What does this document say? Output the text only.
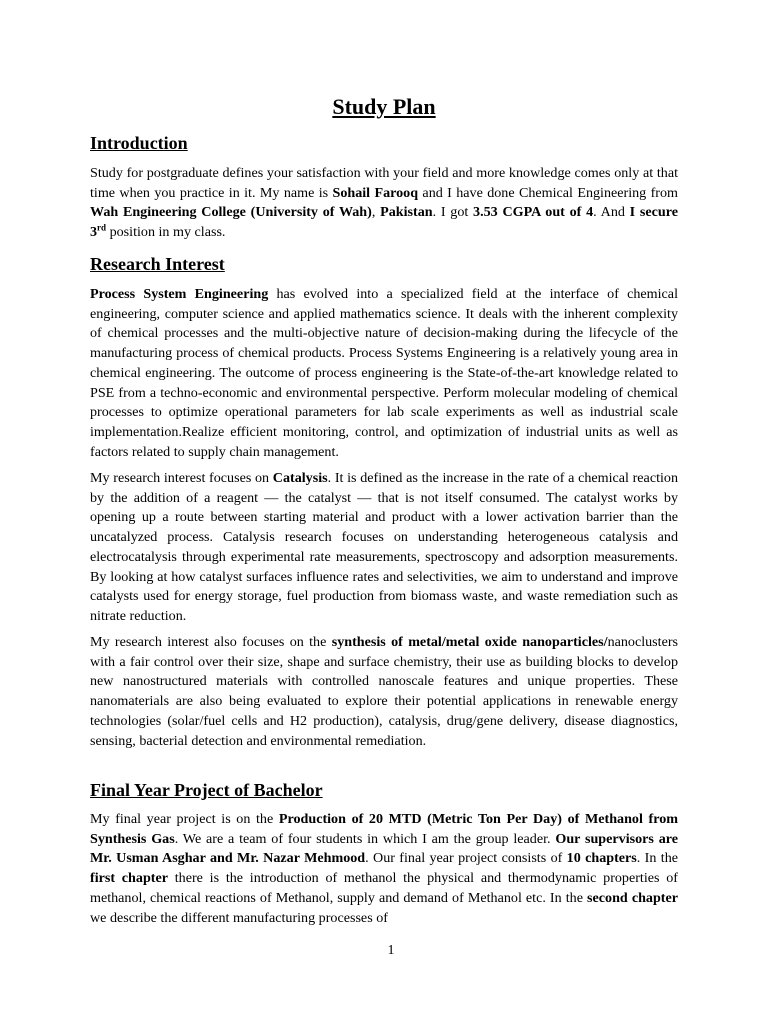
Study Plan
Introduction

Study for postgraduate defines your satisfaction with your field and more knowledge comes only at that time when you practice in it. My name is Sohail Farooq and I have done Chemical Engineering from Wah Engineering College (University of Wah), Pakistan. I got 3.53 CGPA out of 4. And I secure 3rd position in my class.

Research Interest

Process System Engineering has evolved into a specialized field at the interface of chemical engineering, computer science and applied mathematics science. It deals with the inherent complexity of chemical processes and the multi-objective nature of decision-making during the lifecycle of the manufacturing process of chemical products. Process Systems Engineering is a relatively young area in chemical engineering. The outcome of process engineering is the State-of-the-art knowledge related to PSE from a techno-economic and environmental perspective. Perform molecular modeling of chemical processes to optimize operational parameters for lab scale experiments as well as industrial scale implementation.Realize efficient monitoring, control, and optimization of industrial units as well as factors related to supply chain management.

My research interest focuses on Catalysis. It is defined as the increase in the rate of a chemical reaction by the addition of a reagent — the catalyst — that is not itself consumed. The catalyst works by opening up a route between starting material and product with a lower activation barrier than the uncatalyzed process. Catalysis research focuses on understanding heterogeneous catalysis and electrocatalysis through experimental rate measurements, spectroscopy and adsorption measurements. By looking at how catalyst surfaces influence rates and selectivities, we aim to understand and improve catalysts used for energy storage, fuel production from biomass waste, and waste remediation such as nitrate reduction.

My research interest also focuses on the synthesis of metal/metal oxide nanoparticles/nanoclusters with a fair control over their size, shape and surface chemistry, their use as building blocks to develop new nanostructured materials with controlled nanoscale features and unique properties. These nanomaterials are also being evaluated to explore their potential applications in renewable energy technologies (solar/fuel cells and H2 production), catalysis, drug/gene delivery, disease diagnostics, sensing, bacterial detection and environmental remediation.

Final Year Project of Bachelor

My final year project is on the Production of 20 MTD (Metric Ton Per Day) of Methanol from Synthesis Gas. We are a team of four students in which I am the group leader. Our supervisors are Mr. Usman Asghar and Mr. Nazar Mehmood. Our final year project consists of 10 chapters. In the first chapter there is the introduction of methanol the physical and thermodynamic properties of methanol, chemical reactions of Methanol, supply and demand of Methanol etc. In the second chapter we describe the different manufacturing processes of

1
